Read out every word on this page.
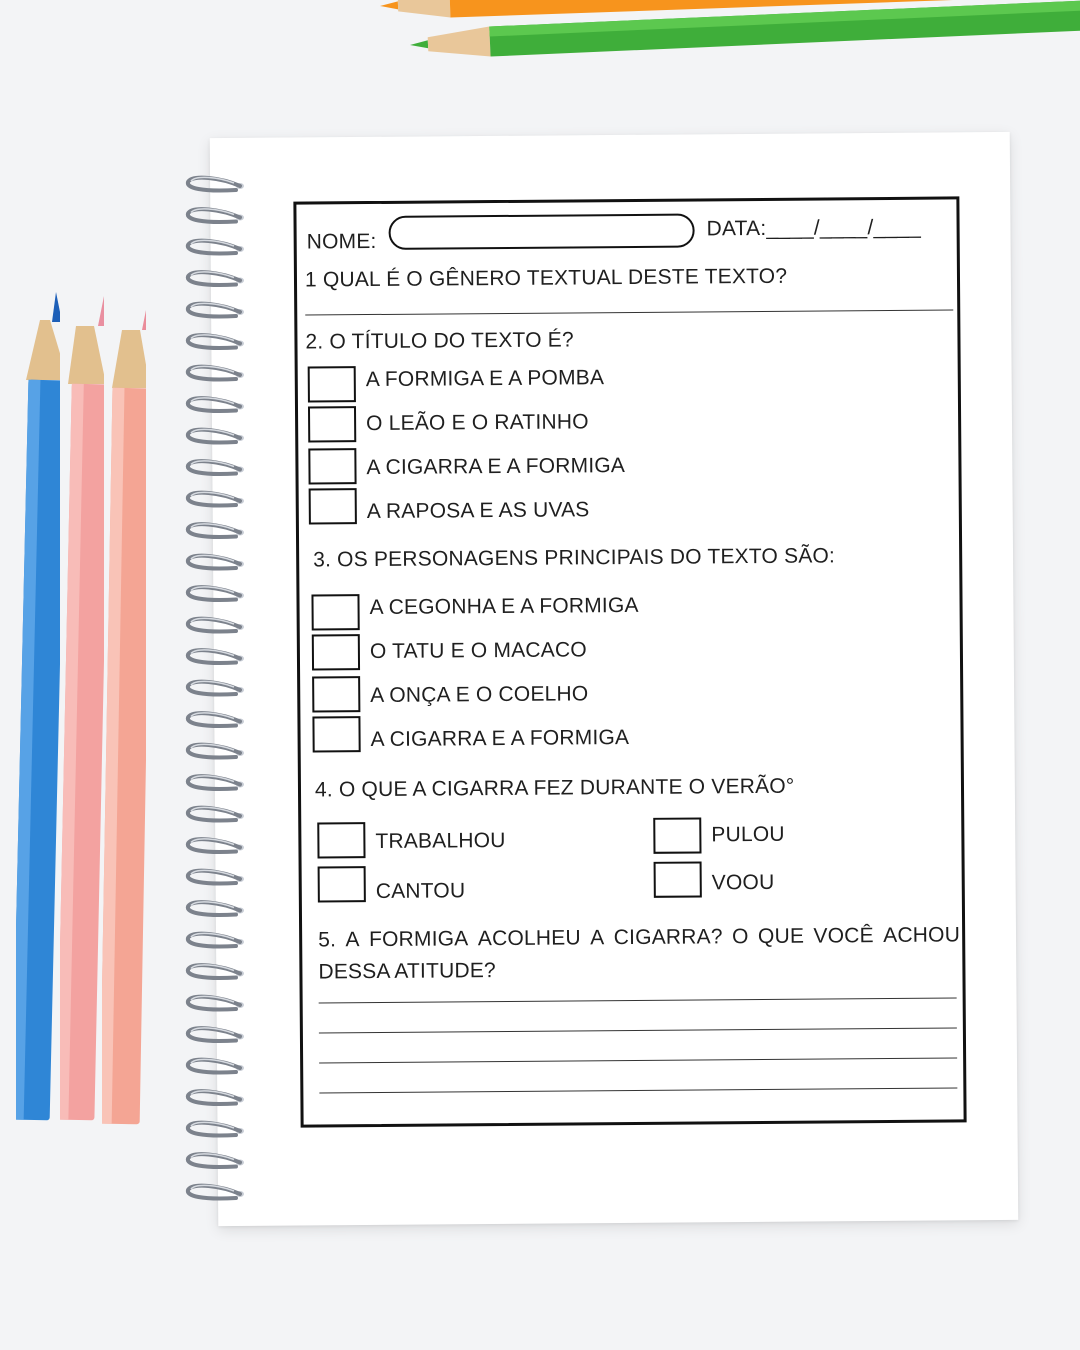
NOME:
DATA:____/____/____
1 QUAL É O GÊNERO TEXTUAL DESTE TEXTO?
2. O TÍTULO DO TEXTO É?
A FORMIGA E A POMBA
O LEÃO E O RATINHO
A CIGARRA E A FORMIGA
A RAPOSA E AS UVAS
3. OS PERSONAGENS PRINCIPAIS DO TEXTO SÃO:
A CEGONHA E A FORMIGA
O TATU E O MACACO
A ONÇA E O COELHO
A CIGARRA E A FORMIGA
4. O QUE A CIGARRA FEZ DURANTE O VERÃO°
TRABALHOU	PULOU
CANTOU	VOOU
5. A FORMIGA ACOLHEU A CIGARRA? O QUE VOCÊ ACHOU
DESSA ATITUDE?
